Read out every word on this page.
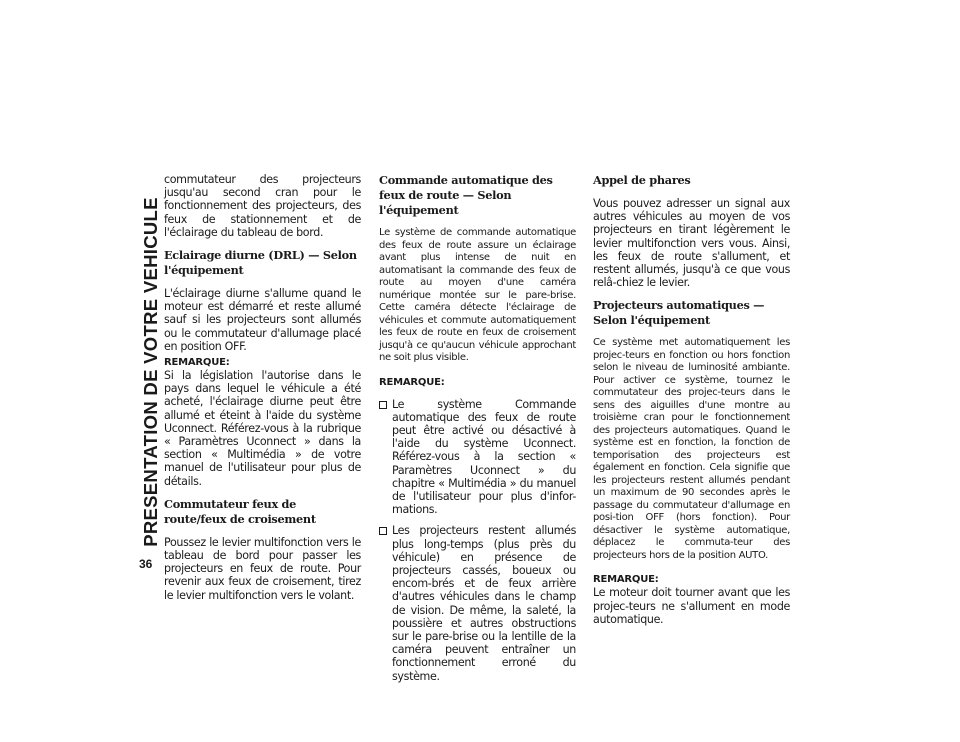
PRESENTATION DE VOTRE VEHICULE
36

commutateur des projecteurs jusqu'au second cran pour le fonctionnement des projecteurs, des feux de stationnement et de l'éclairage du tableau de bord.

Eclairage diurne (DRL) — Selon l'équipement

L'éclairage diurne s'allume quand le moteur est démarré et reste allumé sauf si les projecteurs sont allumés ou le commutateur d'allumage placé en position OFF.

REMARQUE:

Si la législation l'autorise dans le pays dans lequel le véhicule a été acheté, l'éclairage diurne peut être allumé et éteint à l'aide du système Uconnect. Référez-vous à la rubrique « Paramètres Uconnect » dans la section « Multimédia » de votre manuel de l'utilisateur pour plus de détails.

Commutateur feux de route/feux de croisement

Poussez le levier multifonction vers le tableau de bord pour passer les projecteurs en feux de route. Pour revenir aux feux de croisement, tirez le levier multifonction vers le volant.

Commande automatique des feux de route — Selon l'équipement

Le système de commande automatique des feux de route assure un éclairage avant plus intense de nuit en automatisant la commande des feux de route au moyen d'une caméra numérique montée sur le pare-brise. Cette caméra détecte l'éclairage de véhicules et commute automatiquement les feux de route en feux de croisement jusqu'à ce qu'aucun véhicule approchant ne soit plus visible.

REMARQUE:

Le système Commande automatique des feux de route peut être activé ou désactivé à l'aide du système Uconnect. Référez-vous à la section « Paramètres Uconnect » du chapitre « Multimédia » du manuel de l'utilisateur pour plus d'infor-mations.

Les projecteurs restent allumés plus long-temps (plus près du véhicule) en présence de projecteurs cassés, boueux ou encom-brés et de feux arrière d'autres véhicules dans le champ de vision. De même, la saleté, la poussière et autres obstructions sur le pare-brise ou la lentille de la caméra peuvent entraîner un fonctionnement erroné du système.

Appel de phares

Vous pouvez adresser un signal aux autres véhicules au moyen de vos projecteurs en tirant légèrement le levier multifonction vers vous. Ainsi, les feux de route s'allument, et restent allumés, jusqu'à ce que vous relâ-chiez le levier.

Projecteurs automatiques — Selon l'équipement

Ce système met automatiquement les projec-teurs en fonction ou hors fonction selon le niveau de luminosité ambiante. Pour activer ce système, tournez le commutateur des projec-teurs dans le sens des aiguilles d'une montre au troisième cran pour le fonctionnement des projecteurs automatiques. Quand le système est en fonction, la fonction de temporisation des projecteurs est également en fonction. Cela signifie que les projecteurs restent allumés pendant un maximum de 90 secondes après le passage du commutateur d'allumage en posi-tion OFF (hors fonction). Pour désactiver le système automatique, déplacez le commuta-teur des projecteurs hors de la position AUTO.

REMARQUE:

Le moteur doit tourner avant que les projec-teurs ne s'allument en mode automatique.
